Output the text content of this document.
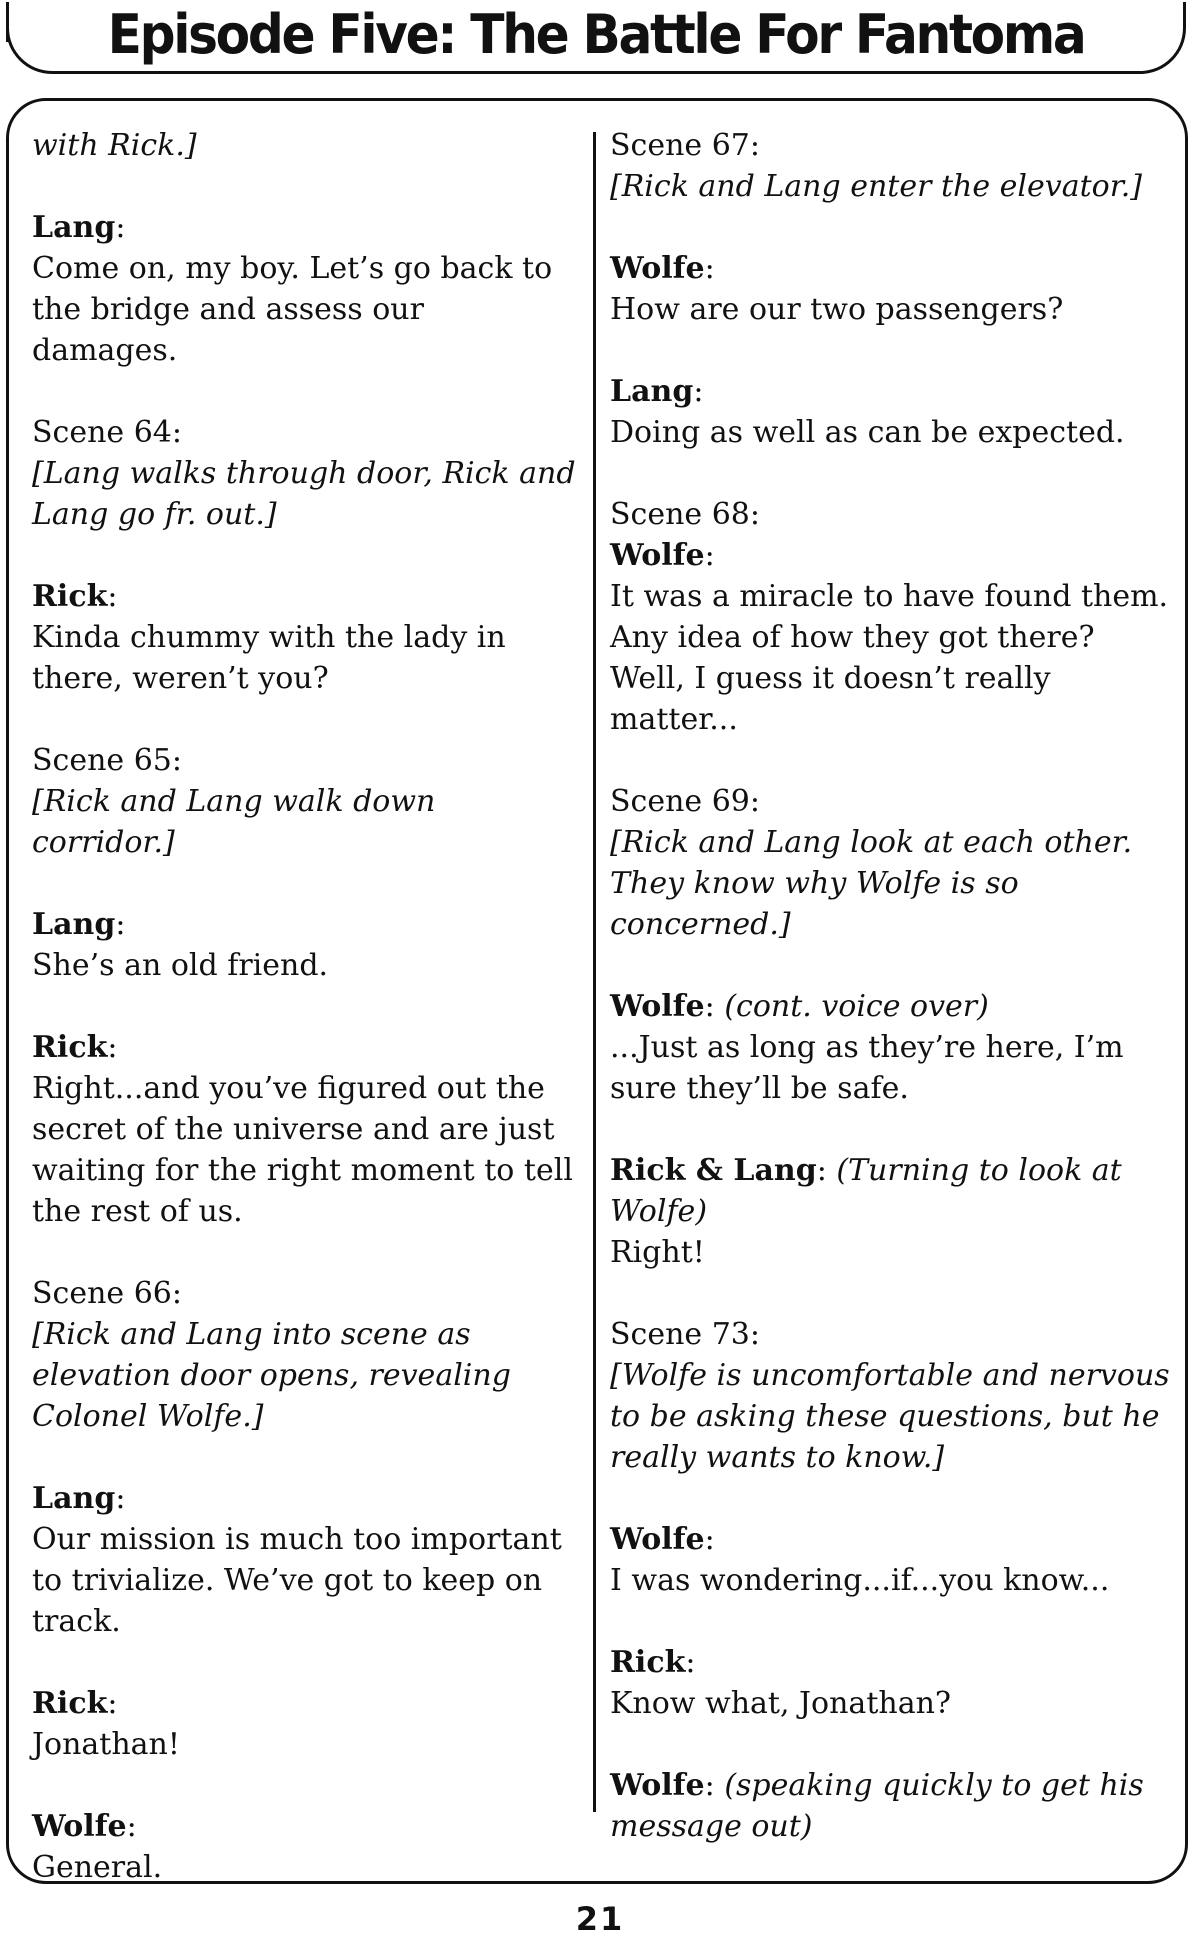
Episode Five: The Battle For Fantoma
with Rick.]
Lang:
Come on, my boy. Let’s go back to the bridge and assess our damages.
Scene 64:
[Lang walks through door, Rick and Lang go fr. out.]
Rick:
Kinda chummy with the lady in there, weren’t you?
Scene 65:
[Rick and Lang walk down corridor.]
Lang:
She’s an old friend.
Rick:
Right...and you’ve figured out the secret of the universe and are just waiting for the right moment to tell the rest of us.
Scene 66:
[Rick and Lang into scene as elevation door opens, revealing Colonel Wolfe.]
Lang:
Our mission is much too important to trivialize. We’ve got to keep on track.
Rick:
Jonathan!
Wolfe:
General.
Scene 67:
[Rick and Lang enter the elevator.]
Wolfe:
How are our two passengers?
Lang:
Doing as well as can be expected.
Scene 68:
Wolfe:
It was a miracle to have found them. Any idea of how they got there? Well, I guess it doesn’t really matter...
Scene 69:
[Rick and Lang look at each other. They know why Wolfe is so concerned.]
Wolfe: (cont. voice over)
...Just as long as they’re here, I’m sure they’ll be safe.
Rick & Lang: (Turning to look at Wolfe)
Right!
Scene 73:
[Wolfe is uncomfortable and nervous to be asking these questions, but he really wants to know.]
Wolfe:
I was wondering...if...you know...
Rick:
Know what, Jonathan?
Wolfe: (speaking quickly to get his message out)
21
